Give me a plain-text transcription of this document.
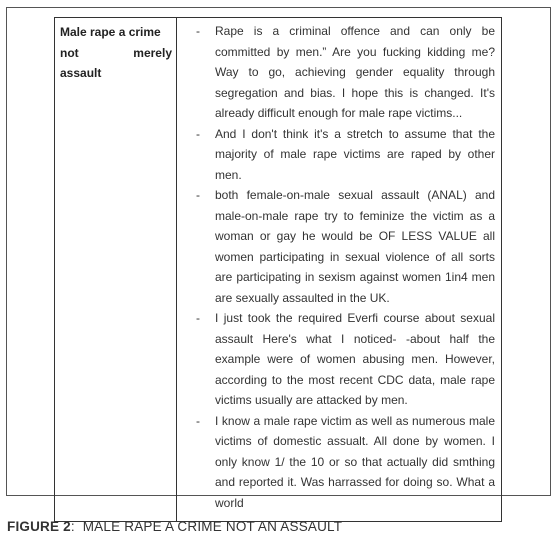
Male rape a crime
not	merely
assault

- Rape is a criminal offence and can only be committed by men.” Are you fucking kidding me? Way to go, achieving gender equality through segregation and bias. I hope this is changed. It's already difficult enough for male rape victims...
- And I don't think it's a stretch to assume that the majority of male rape victims are raped by other men.
- both female-on-male sexual assault (ANAL) and male-on-male rape try to feminize the victim as a woman or gay he would be OF LESS VALUE all women participating in sexual violence of all sorts are participating in sexism against women 1in4 men are sexually assaulted in the UK.
- I just took the required Everfi course about sexual assault Here's what I noticed- -about half the example were of women abusing men. However, according to the most recent CDC data, male rape victims usually are attacked by men.
- I know a male rape victim as well as numerous male victims of domestic assualt. All done by women. I only know 1/ the 10 or so that actually did smthing and reported it. Was harrassed for doing so. What a world
FIGURE 2: MALE RAPE A CRIME NOT AN ASSAULT
